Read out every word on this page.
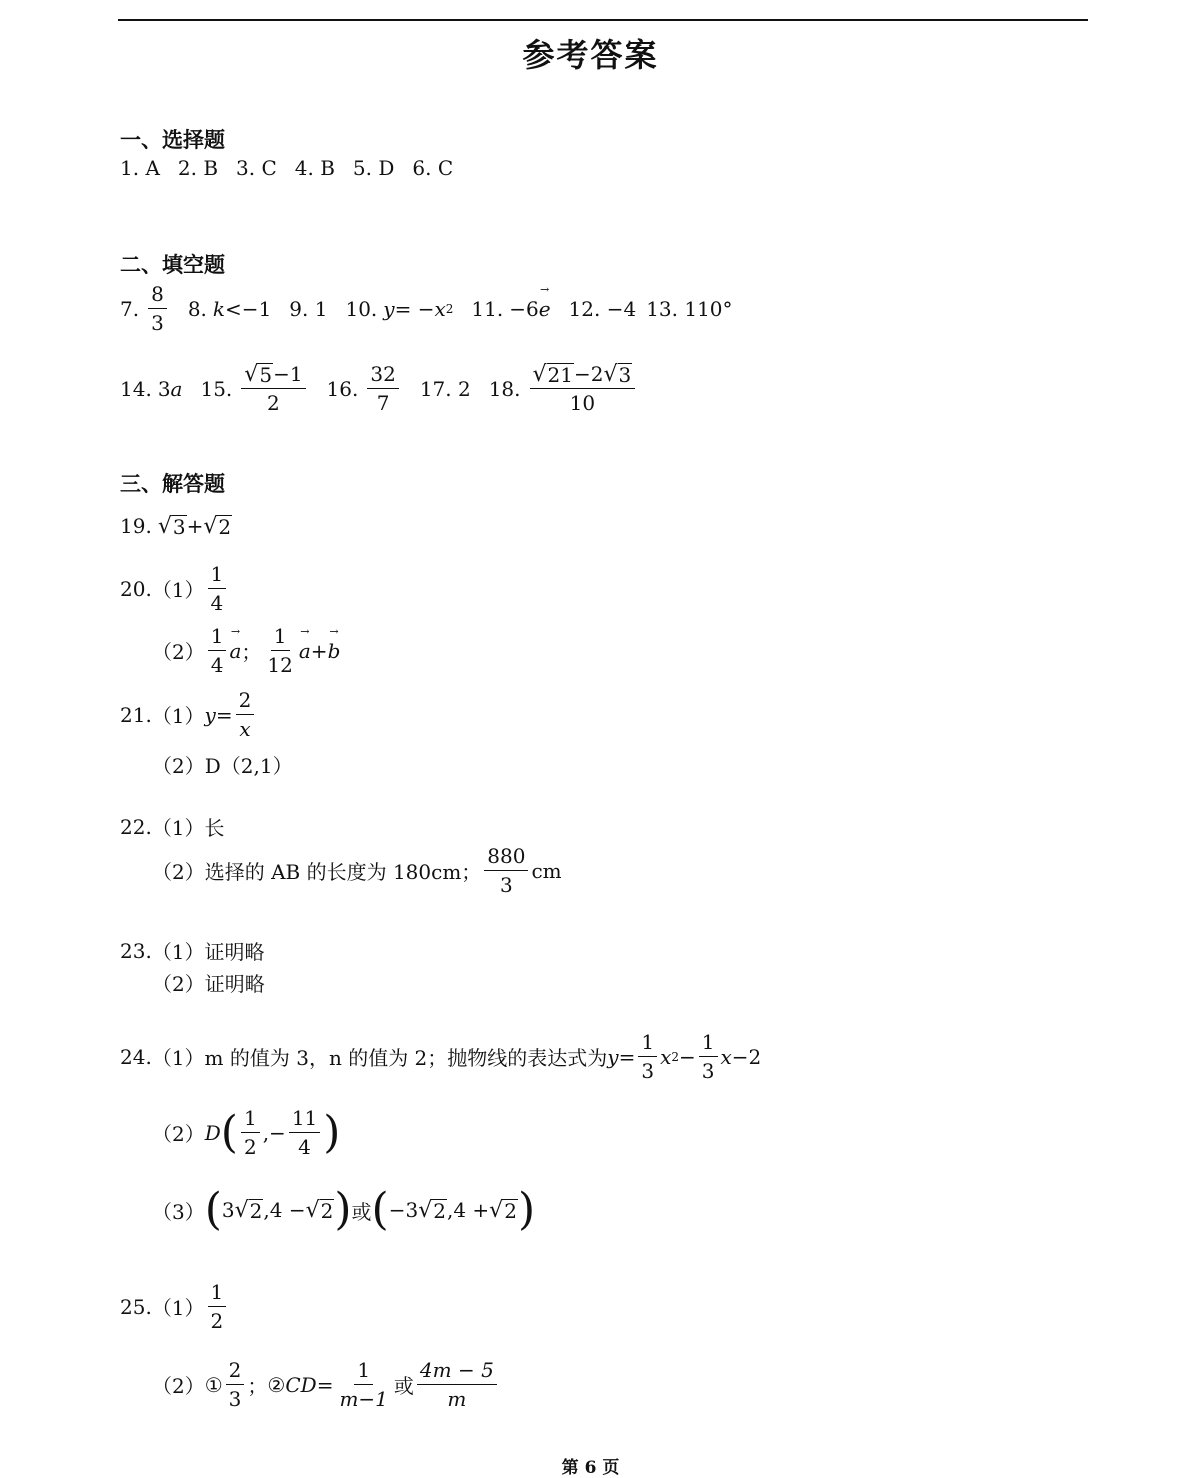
参考答案
一、选择题
1. A 2. B 3. C 4. B 5. D 6. C
二、填空题
7. $\frac{8}{3} 8$. k <−1 9. 1 10. y = − x 2 11. −6
→ e 12. −4 13. 110°
14. 3 a 15. $\frac{√ 5 -1}{2} 16$. $\frac{32}{7} 17$. 2 18. $\frac{√ 21 -2 √ 3}{10}$
三、解答题
19. √ 3 + √ 2
20. $(1) \frac{1}{4}$
$(2) \frac{1}{4}$
→ a ； $\frac{1}{12}$
→ a +
→ b
21. （1） $y = \frac{2}{x}$
（2） D（2,1）
22. （1） 长
（2） 选择的 AB 的长度为 180cm； $\frac{880}{3}$ cm
23. （1） 证明略
（2） 证明略
24. （1） m 的值为 3，n 的值为 2；抛物线的表达式为 $y = \frac{1}{3}$ x $2 - \frac{1}{3}$ x −2
（2） D ( $\frac{1}{2}$ ,− $\frac{11}{4}$ )
（3） ( 3 √ 2 ,4 − √ 2 ) 或 ( −3 √ 2 ,4 + √ 2 )
25. $(1) \frac{1}{2}$
（2） ① $\frac{2}{3}$ ； ② CD = $\frac{1}{m-1}$ 或 $\frac{4m - 5}{m}$
第 6 页
